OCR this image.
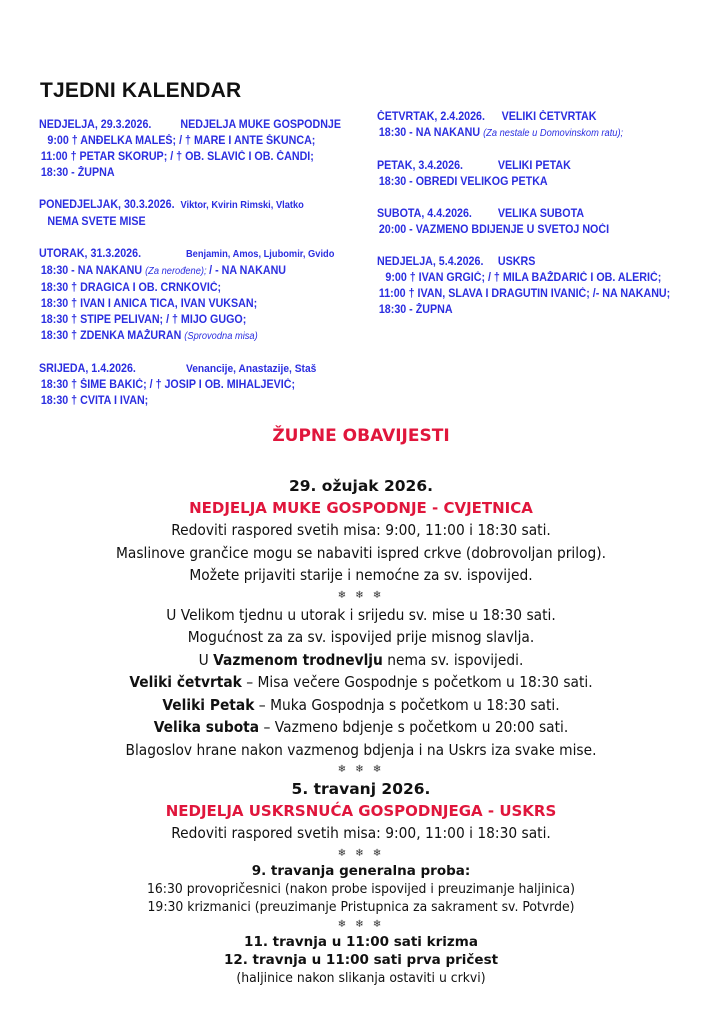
TJEDNI KALENDAR
NEDJELJA, 29.3.2026.	NEDJELJA MUKE GOSPODNJE
9:00 † ANĐELKA MALEŠ; / † MARE I ANTE ŠKUNCA;
11:00 † PETAR SKORUP; / † OB. SLAVIĆ I OB. ČANDI;
18:30 - ŽUPNA
PONEDJELJAK, 30.3.2026. Viktor, Kvirin Rimski, Vlatko
NEMA SVETE MISE
UTORAK, 31.3.2026.	Benjamin, Amos, Ljubomir, Gvido
18:30 - NA NAKANU (Za nerođene); / - NA NAKANU
18:30 † DRAGICA I OB. CRNKOVIĆ;
18:30 † IVAN I ANICA TICA, IVAN VUKSAN;
18:30 † STIPE PELIVAN; / † MIJO GUGO;
18:30 † ZDENKA MAŽURAN (Sprovodna misa)
SRIJEDA, 1.4.2026.	Venancije, Anastazije, Staš
18:30 † ŠIME BAKIĆ; / † JOSIP I OB. MIHALJEVIĆ;
18:30 † CVITA I IVAN;
ČETVRTAK, 2.4.2026. VELIKI ČETVRTAK
18:30 - NA NAKANU (Za nestale u Domovinskom ratu);
PETAK, 3.4.2026.	VELIKI PETAK
18:30 - OBREDI VELIKOG PETKA
SUBOTA, 4.4.2026. VELIKA SUBOTA
20:00 - VAZMENO BDIJENJE U SVETOJ NOĆI
NEDJELJA, 5.4.2026. USKRS
9:00 † IVAN GRGIĆ; / † MILA BAŽDARIĆ I OB. ALERIĆ;
11:00 † IVAN, SLAVA I DRAGUTIN IVANIĆ; /- NA NAKANU;
18:30 - ŽUPNA
ŽUPNE OBAVIJESTI
29. ožujak 2026.
NEDJELJA MUKE GOSPODNJE - CVJETNICA
Redoviti raspored svetih misa: 9:00, 11:00 i 18:30 sati.
Maslinove grančice mogu se nabaviti ispred crkve (dobrovoljan prilog).
Možete prijaviti starije i nemoćne za sv. ispovijed.
❄ ❄ ❄
U Velikom tjednu u utorak i srijedu sv. mise u 18:30 sati.
Mogućnost za za sv. ispovijed prije misnog slavlja.
U Vazmenom trodnevlju nema sv. ispovijedi.
Veliki četvrtak – Misa večere Gospodnje s početkom u 18:30 sati.
Veliki Petak – Muka Gospodnja s početkom u 18:30 sati.
Velika subota – Vazmeno bdjenje s početkom u 20:00 sati.
Blagoslov hrane nakon vazmenog bdjenja i na Uskrs iza svake mise.
❄ ❄ ❄
5. travanj 2026.
NEDJELJA USKRSNUĆA GOSPODNJEGA - USKRS
Redoviti raspored svetih misa: 9:00, 11:00 i 18:30 sati.
❄ ❄ ❄
9. travanja generalna proba:
16:30 provopričesnici (nakon probe ispovijed i preuzimanje haljinica)
19:30 krizmanici (preuzimanje Pristupnica za sakrament sv. Potvrde)
❄ ❄ ❄
11. travnja u 11:00 sati krizma
12. travnja u 11:00 sati prva pričest
(haljinice nakon slikanja ostaviti u crkvi)
